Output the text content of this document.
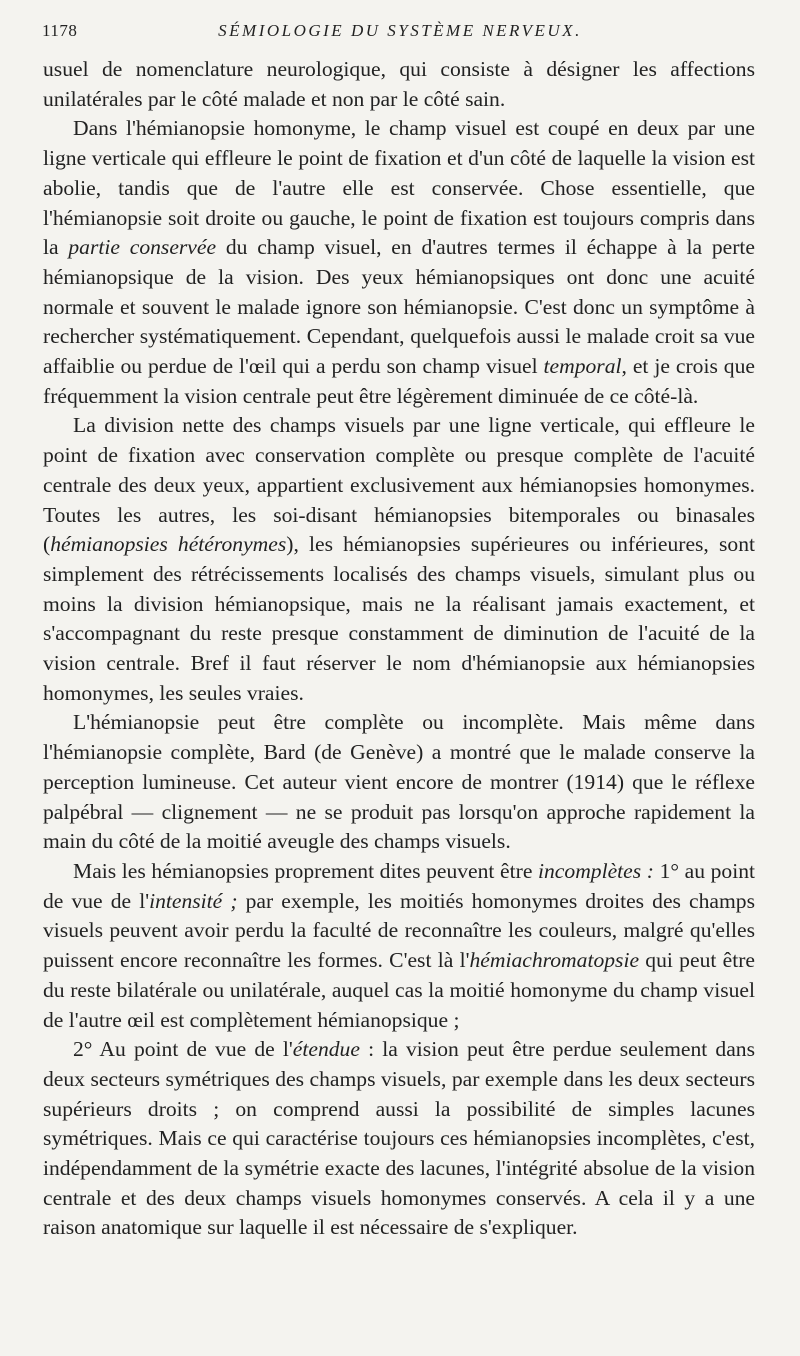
1178	SÉMIOLOGIE DU SYSTÈME NERVEUX.

usuel de nomenclature neurologique, qui consiste à désigner les affections unilatérales par le côté malade et non par le côté sain.

Dans l'hémianopsie homonyme, le champ visuel est coupé en deux par une ligne verticale qui effleure le point de fixation et d'un côté de laquelle la vision est abolie, tandis que de l'autre elle est conservée. Chose essentielle, que l'hémianopsie soit droite ou gauche, le point de fixation est toujours compris dans la partie conservée du champ visuel, en d'autres termes il échappe à la perte hémianopsique de la vision. Des yeux hémianopsiques ont donc une acuité normale et souvent le malade ignore son hémianopsie. C'est donc un symptôme à rechercher systématiquement. Cependant, quelquefois aussi le malade croit sa vue affaiblie ou perdue de l'œil qui a perdu son champ visuel temporal, et je crois que fréquemment la vision centrale peut être légèrement diminuée de ce côté-là.

La division nette des champs visuels par une ligne verticale, qui effleure le point de fixation avec conservation complète ou presque complète de l'acuité centrale des deux yeux, appartient exclusivement aux hémianopsies homonymes. Toutes les autres, les soi-disant hémianopsies bitemporales ou binasales (hémianopsies hétéronymes), les hémianopsies supérieures ou inférieures, sont simplement des rétrécissements localisés des champs visuels, simulant plus ou moins la division hémianopsique, mais ne la réalisant jamais exactement, et s'accompagnant du reste presque constamment de diminution de l'acuité de la vision centrale. Bref il faut réserver le nom d'hémianopsie aux hémianopsies homonymes, les seules vraies.

L'hémianopsie peut être complète ou incomplète. Mais même dans l'hémianopsie complète, Bard (de Genève) a montré que le malade conserve la perception lumineuse. Cet auteur vient encore de montrer (1914) que le réflexe palpébral — clignement — ne se produit pas lorsqu'on approche rapidement la main du côté de la moitié aveugle des champs visuels.

Mais les hémianopsies proprement dites peuvent être incomplètes : 1° au point de vue de l'intensité ; par exemple, les moitiés homonymes droites des champs visuels peuvent avoir perdu la faculté de reconnaître les couleurs, malgré qu'elles puissent encore reconnaître les formes. C'est là l'hémiachromatopsie qui peut être du reste bilatérale ou unilatérale, auquel cas la moitié homonyme du champ visuel de l'autre œil est complètement hémianopsique ;

2° Au point de vue de l'étendue : la vision peut être perdue seulement dans deux secteurs symétriques des champs visuels, par exemple dans les deux secteurs supérieurs droits ; on comprend aussi la possibilité de simples lacunes symétriques. Mais ce qui caractérise toujours ces hémianopsies incomplètes, c'est, indépendamment de la symétrie exacte des lacunes, l'intégrité absolue de la vision centrale et des deux champs visuels homonymes conservés. A cela il y a une raison anatomique sur laquelle il est nécessaire de s'expliquer.
